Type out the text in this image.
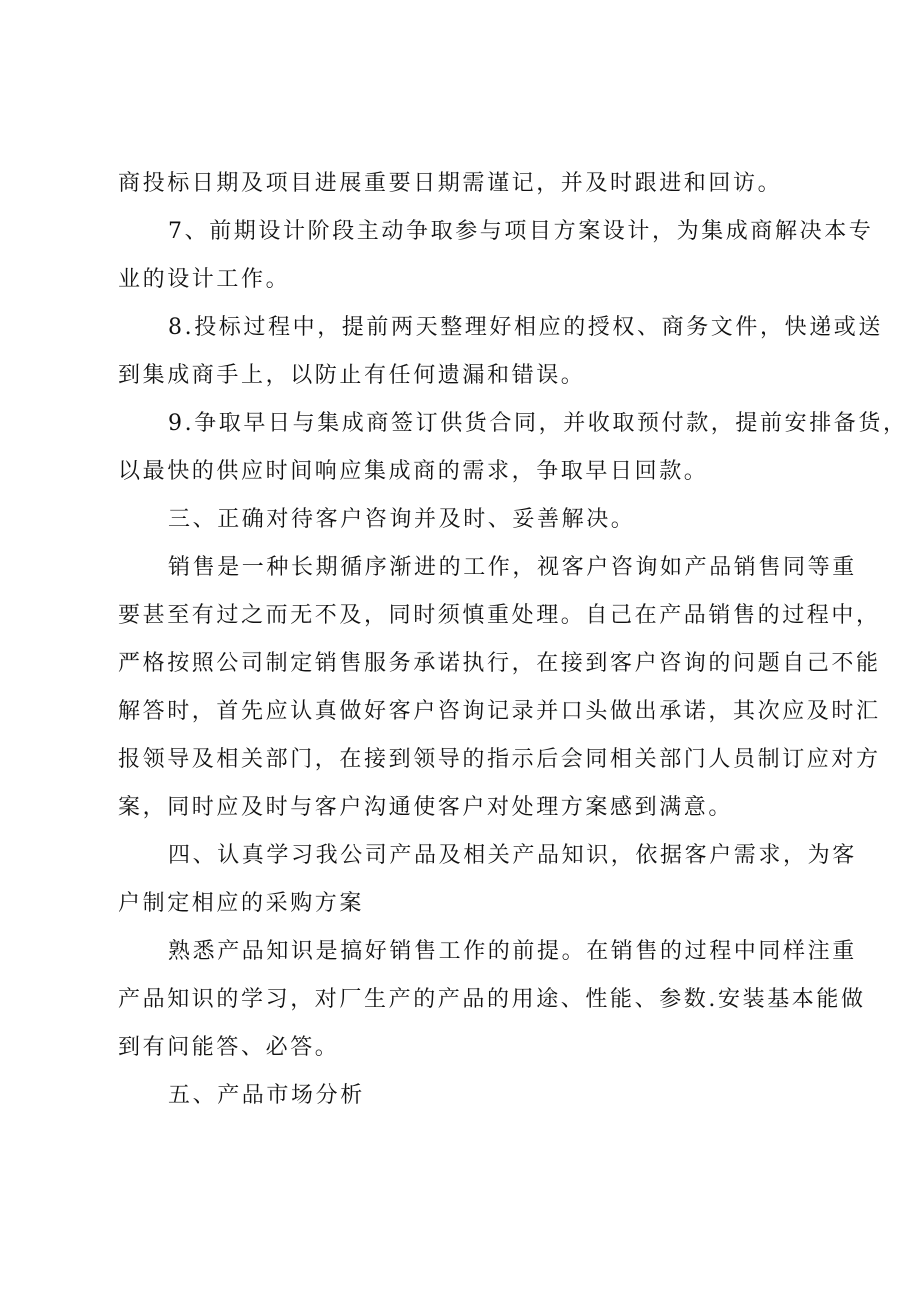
商投标日期及项目进展重要日期需谨记，并及时跟进和回访。
7、前期设计阶段主动争取参与项目方案设计，为集成商解决本专
业的设计工作。
8.投标过程中，提前两天整理好相应的授权、商务文件，快递或送
到集成商手上，以防止有任何遗漏和错误。
9.争取早日与集成商签订供货合同，并收取预付款，提前安排备货，
以最快的供应时间响应集成商的需求，争取早日回款。
三、正确对待客户咨询并及时、妥善解决。
销售是一种长期循序渐进的工作，视客户咨询如产品销售同等重
要甚至有过之而无不及，同时须慎重处理。自己在产品销售的过程中，
严格按照公司制定销售服务承诺执行，在接到客户咨询的问题自己不能
解答时，首先应认真做好客户咨询记录并口头做出承诺，其次应及时汇
报领导及相关部门，在接到领导的指示后会同相关部门人员制订应对方
案，同时应及时与客户沟通使客户对处理方案感到满意。
四、认真学习我公司产品及相关产品知识，依据客户需求，为客
户制定相应的采购方案
熟悉产品知识是搞好销售工作的前提。在销售的过程中同样注重
产品知识的学习，对厂生产的产品的用途、性能、参数.安装基本能做
到有问能答、必答。
五、产品市场分析
